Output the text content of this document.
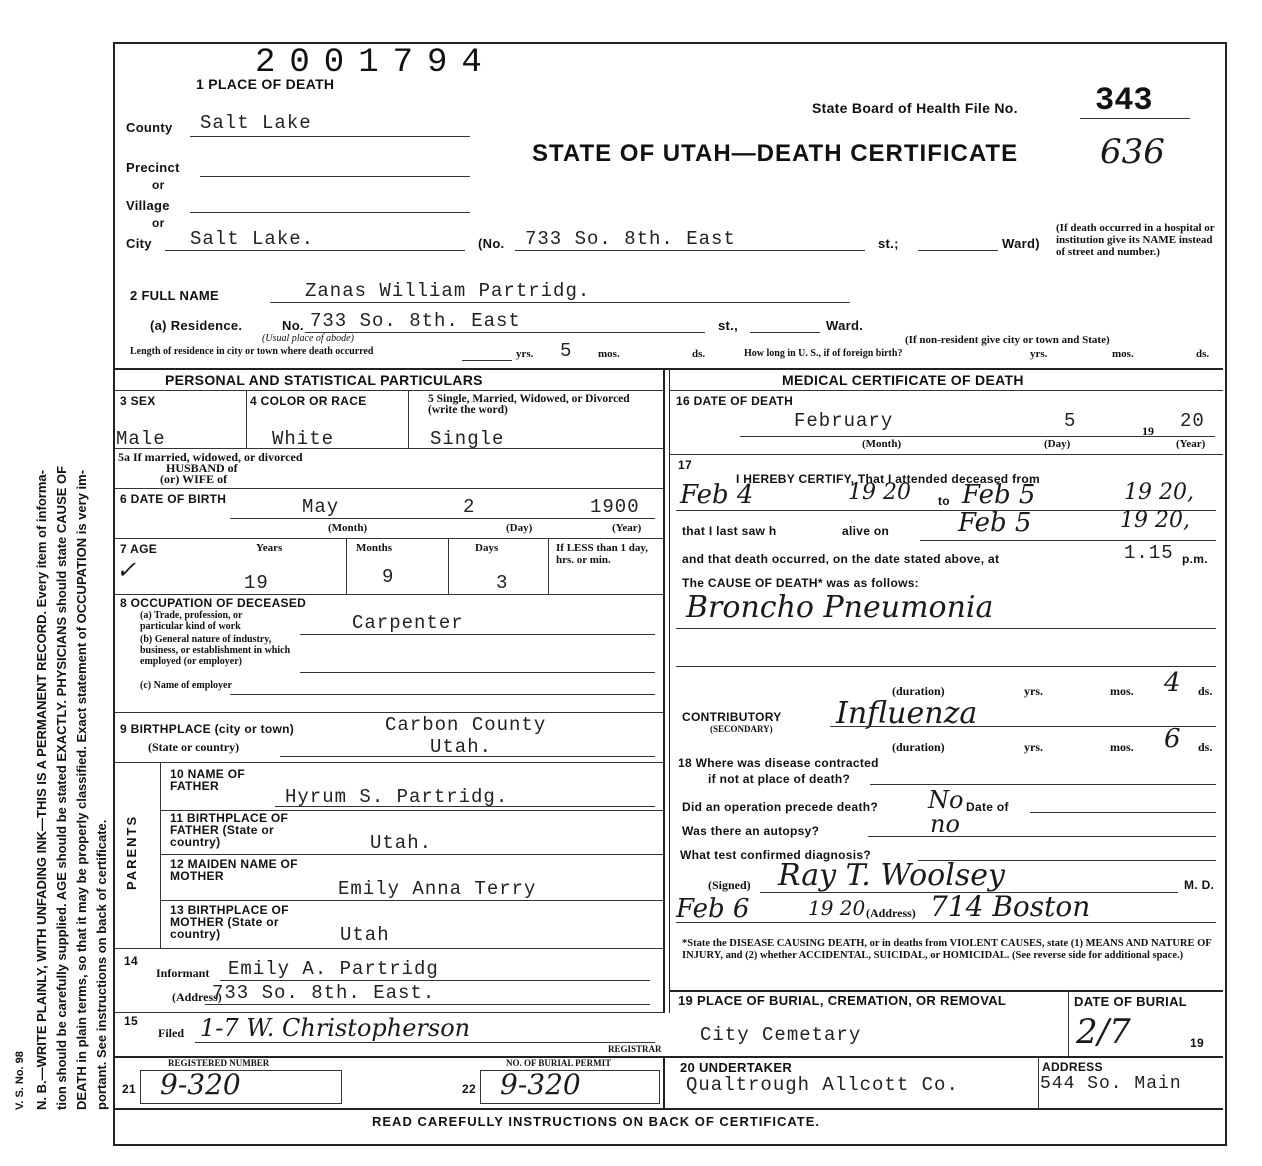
V. S. No. 98 N. B.—WRITE PLAINLY, WITH UNFADING INK—THIS IS A PERMANENT RECORD. Every item of informa- tion should be carefully supplied. AGE should be stated EXACTLY. PHYSICIANS should state CAUSE OF DEATH in plain terms, so that it may be properly classified. Exact statement of OCCUPATION is very im- portant. See instructions on back of certificate.
2001794
1 PLACE OF DEATH
State Board of Health File No. 343
STATE OF UTAH—DEATH CERTIFICATE 636
County Salt Lake
Precinct
or
Village
or
City Salt Lake.	(No. 733 So. 8th. East	st.;	Ward)
(If death occurred in a hospital or institution give its NAME instead of street and number.)
2 FULL NAME	Zanas William Partridg.
(a) Residence.	No. 733 So. 8th. East	st.,	Ward.
(Usual place of abode)	(If non-resident give city or town and State)
Length of residence in city or town where death occurred	yrs. 5 mos.	ds.	How long in U. S., if of foreign birth?	yrs.	mos.	ds.
PERSONAL AND STATISTICAL PARTICULARS
3 SEX
Male
4 COLOR OR RACE
White
5 Single, Married, Widowed, or Divorced (write the word)
Single
5a If married, widowed, or divorced
HUSBAND of
(or) WIFE of
6 DATE OF BIRTH	May	2	1900
(Month)	(Day)	(Year)
7 AGE	Years	Months	Days	If LESS than 1 day, hrs. or min.
✓	19	9	3
8 OCCUPATION OF DECEASED
(a) Trade, profession, or particular kind of work
(b) General nature of industry, business, or establishment in which employed (or employer)
(c) Name of employer
Carpenter
9 BIRTHPLACE (city or town)	Carbon County
(State or country)	Utah.
PARENTS
10 NAME OF FATHER	Hyrum S. Partridg.
11 BIRTHPLACE OF FATHER (State or country)	Utah.
12 MAIDEN NAME OF MOTHER
Emily Anna Terry
13 BIRTHPLACE OF MOTHER (State or country)	Utah
14
Informant Emily A. Partridg
(Address)
733 So. 8th. East.
15
Filed 1-7 W. Christopherson
REGISTRAR
REGISTERED NUMBER	NO. OF BURIAL PERMIT
21 9-320	22 9-320
MEDICAL CERTIFICATE OF DEATH
16 DATE OF DEATH
February	5	19 20
(Month)	(Day)	(Year)
17
I HEREBY CERTIFY, That I attended deceased from
Feb 4	19 20 to Feb 5	19 20,
that I last saw h	alive on	Feb 5	19 20,
and that death occurred, on the date stated above, at	1.15 p.m.
The CAUSE OF DEATH* was as follows:
Broncho Pneumonia
(duration)	yrs.	mos. 4 ds.
CONTRIBUTORY
(SECONDARY) Influenza
(duration)	yrs.	mos. 6 ds.
18 Where was disease contracted
if not at place of death?
Did an operation precede death? No Date of
Was there an autopsy?	no
What test confirmed diagnosis?
(Signed) Ray T. Woolsey	M. D.
Feb 6	19 20 (Address) 714 Boston
*State the DISEASE CAUSING DEATH, or in deaths from VIOLENT CAUSES, state (1) MEANS AND NATURE OF INJURY, and (2) whether ACCIDENTAL, SUICIDAL, or HOMICIDAL. (See reverse side for additional space.)
19 PLACE OF BURIAL, CREMATION, OR REMOVAL
City Cemetary
DATE OF BURIAL
2/7	19
20 UNDERTAKER
Qualtrough Allcott Co.
ADDRESS
544 So. Main
READ CAREFULLY INSTRUCTIONS ON BACK OF CERTIFICATE.
